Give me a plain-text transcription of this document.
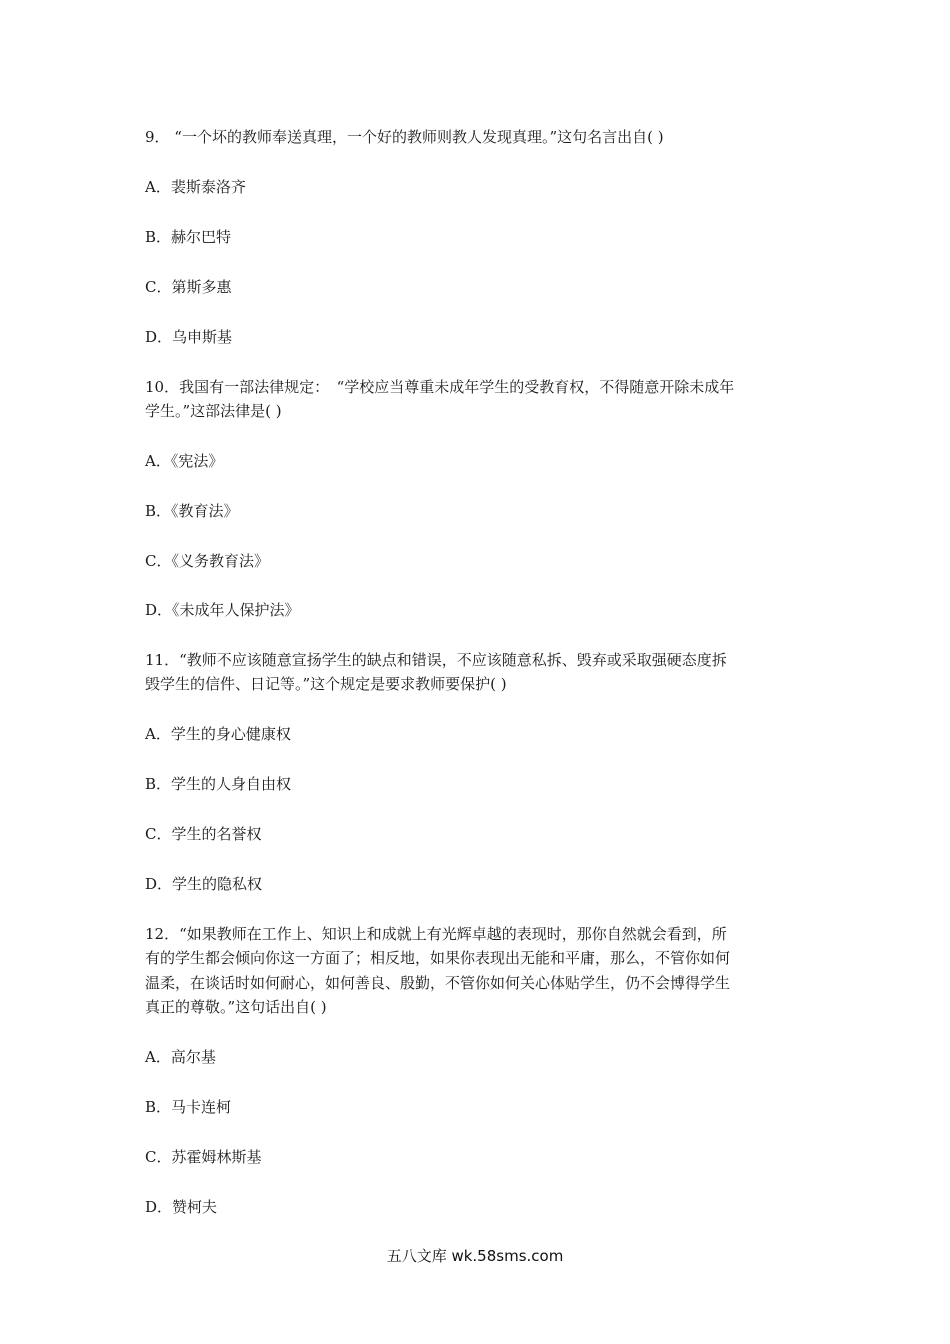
9． “一个坏的教师奉送真理，一个好的教师则教人发现真理。”这句名言出自( )
A．裴斯泰洛齐
B．赫尔巴特
C．第斯多惠
D．乌申斯基
10．我国有一部法律规定：　“学校应当尊重未成年学生的受教育权，不得随意开除未成年
学生。”这部法律是( )
A．《宪法》
B．《教育法》
C．《义务教育法》
D．《未成年人保护法》
11．“教师不应该随意宣扬学生的缺点和错误，不应该随意私拆、毁弃或采取强硬态度拆
毁学生的信件、日记等。”这个规定是要求教师要保护( )
A．学生的身心健康权
B．学生的人身自由权
C．学生的名誉权
D．学生的隐私权
12．“如果教师在工作上、知识上和成就上有光辉卓越的表现时，那你自然就会看到，所
有的学生都会倾向你这一方面了；相反地，如果你表现出无能和平庸，那么，不管你如何
温柔，在谈话时如何耐心，如何善良、殷勤，不管你如何关心体贴学生，仍不会博得学生
真正的尊敬。”这句话出自( )
A．高尔基
B．马卡连柯
C．苏霍姆林斯基
D．赞柯夫
五八文库 wk.58sms.com
